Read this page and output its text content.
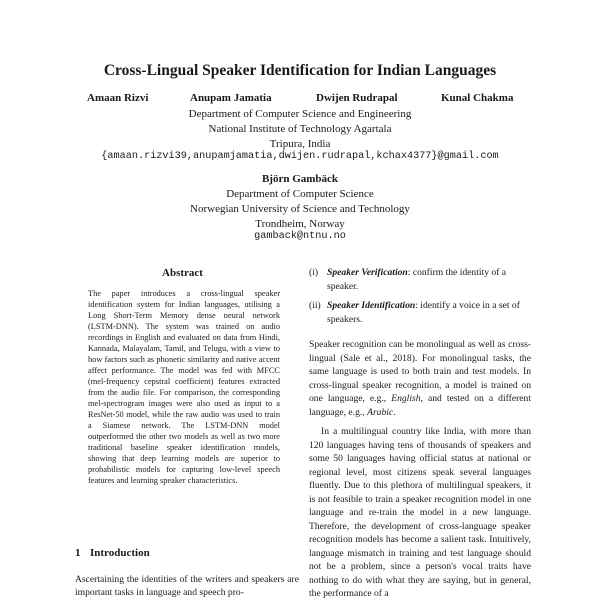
Cross-Lingual Speaker Identification for Indian Languages
Amaan Rizvi	Anupam Jamatia	Dwijen Rudrapal	Kunal Chakma
Department of Computer Science and Engineering
National Institute of Technology Agartala
Tripura, India
{amaan.rizvi39,anupamjamatia,dwijen.rudrapal,kchax4377}@gmail.com
Björn Gambäck
Department of Computer Science
Norwegian University of Science and Technology
Trondheim, Norway
gamback@ntnu.no
Abstract
The paper introduces a cross-lingual speaker identification system for Indian languages, utilising a Long Short-Term Memory dense neural network (LSTM-DNN). The system was trained on audio recordings in English and evaluated on data from Hindi, Kannada, Malayalam, Tamil, and Telugu, with a view to how factors such as phonetic similarity and native accent affect performance. The model was fed with MFCC (mel-frequency cepstral coefficient) features extracted from the audio file. For comparison, the corresponding mel-spectrogram images were also used as input to a ResNet-50 model, while the raw audio was used to train a Siamese network. The LSTM-DNN model outperformed the other two models as well as two more traditional baseline speaker identification models, showing that deep learning models are superior to probabilistic models for capturing low-level speech features and learning speaker characteristics.
1 Introduction
Ascertaining the identities of the writers and speakers are important tasks in language and speech pro-
(i) Speaker Verification: confirm the identity of a speaker.
(ii) Speaker Identification: identify a voice in a set of speakers.

Speaker recognition can be monolingual as well as cross-lingual (Sale et al., 2018). For monolingual tasks, the same language is used to both train and test models. In cross-lingual speaker recognition, a model is trained on one language, e.g., English, and tested on a different language, e.g., Arabic.

In a multilingual country like India, with more than 120 languages having tens of thousands of speakers and some 50 languages having official status at national or regional level, most citizens speak several languages fluently. Due to this plethora of multilingual speakers, it is not feasible to train a speaker recognition model in one language and re-train the model in a new language. Therefore, the development of cross-language speaker recognition models has become a salient task. Intuitively, language mismatch in training and test language should not be a problem, since a person's vocal traits have nothing to do with what they are saying, but in general, the performance of a
